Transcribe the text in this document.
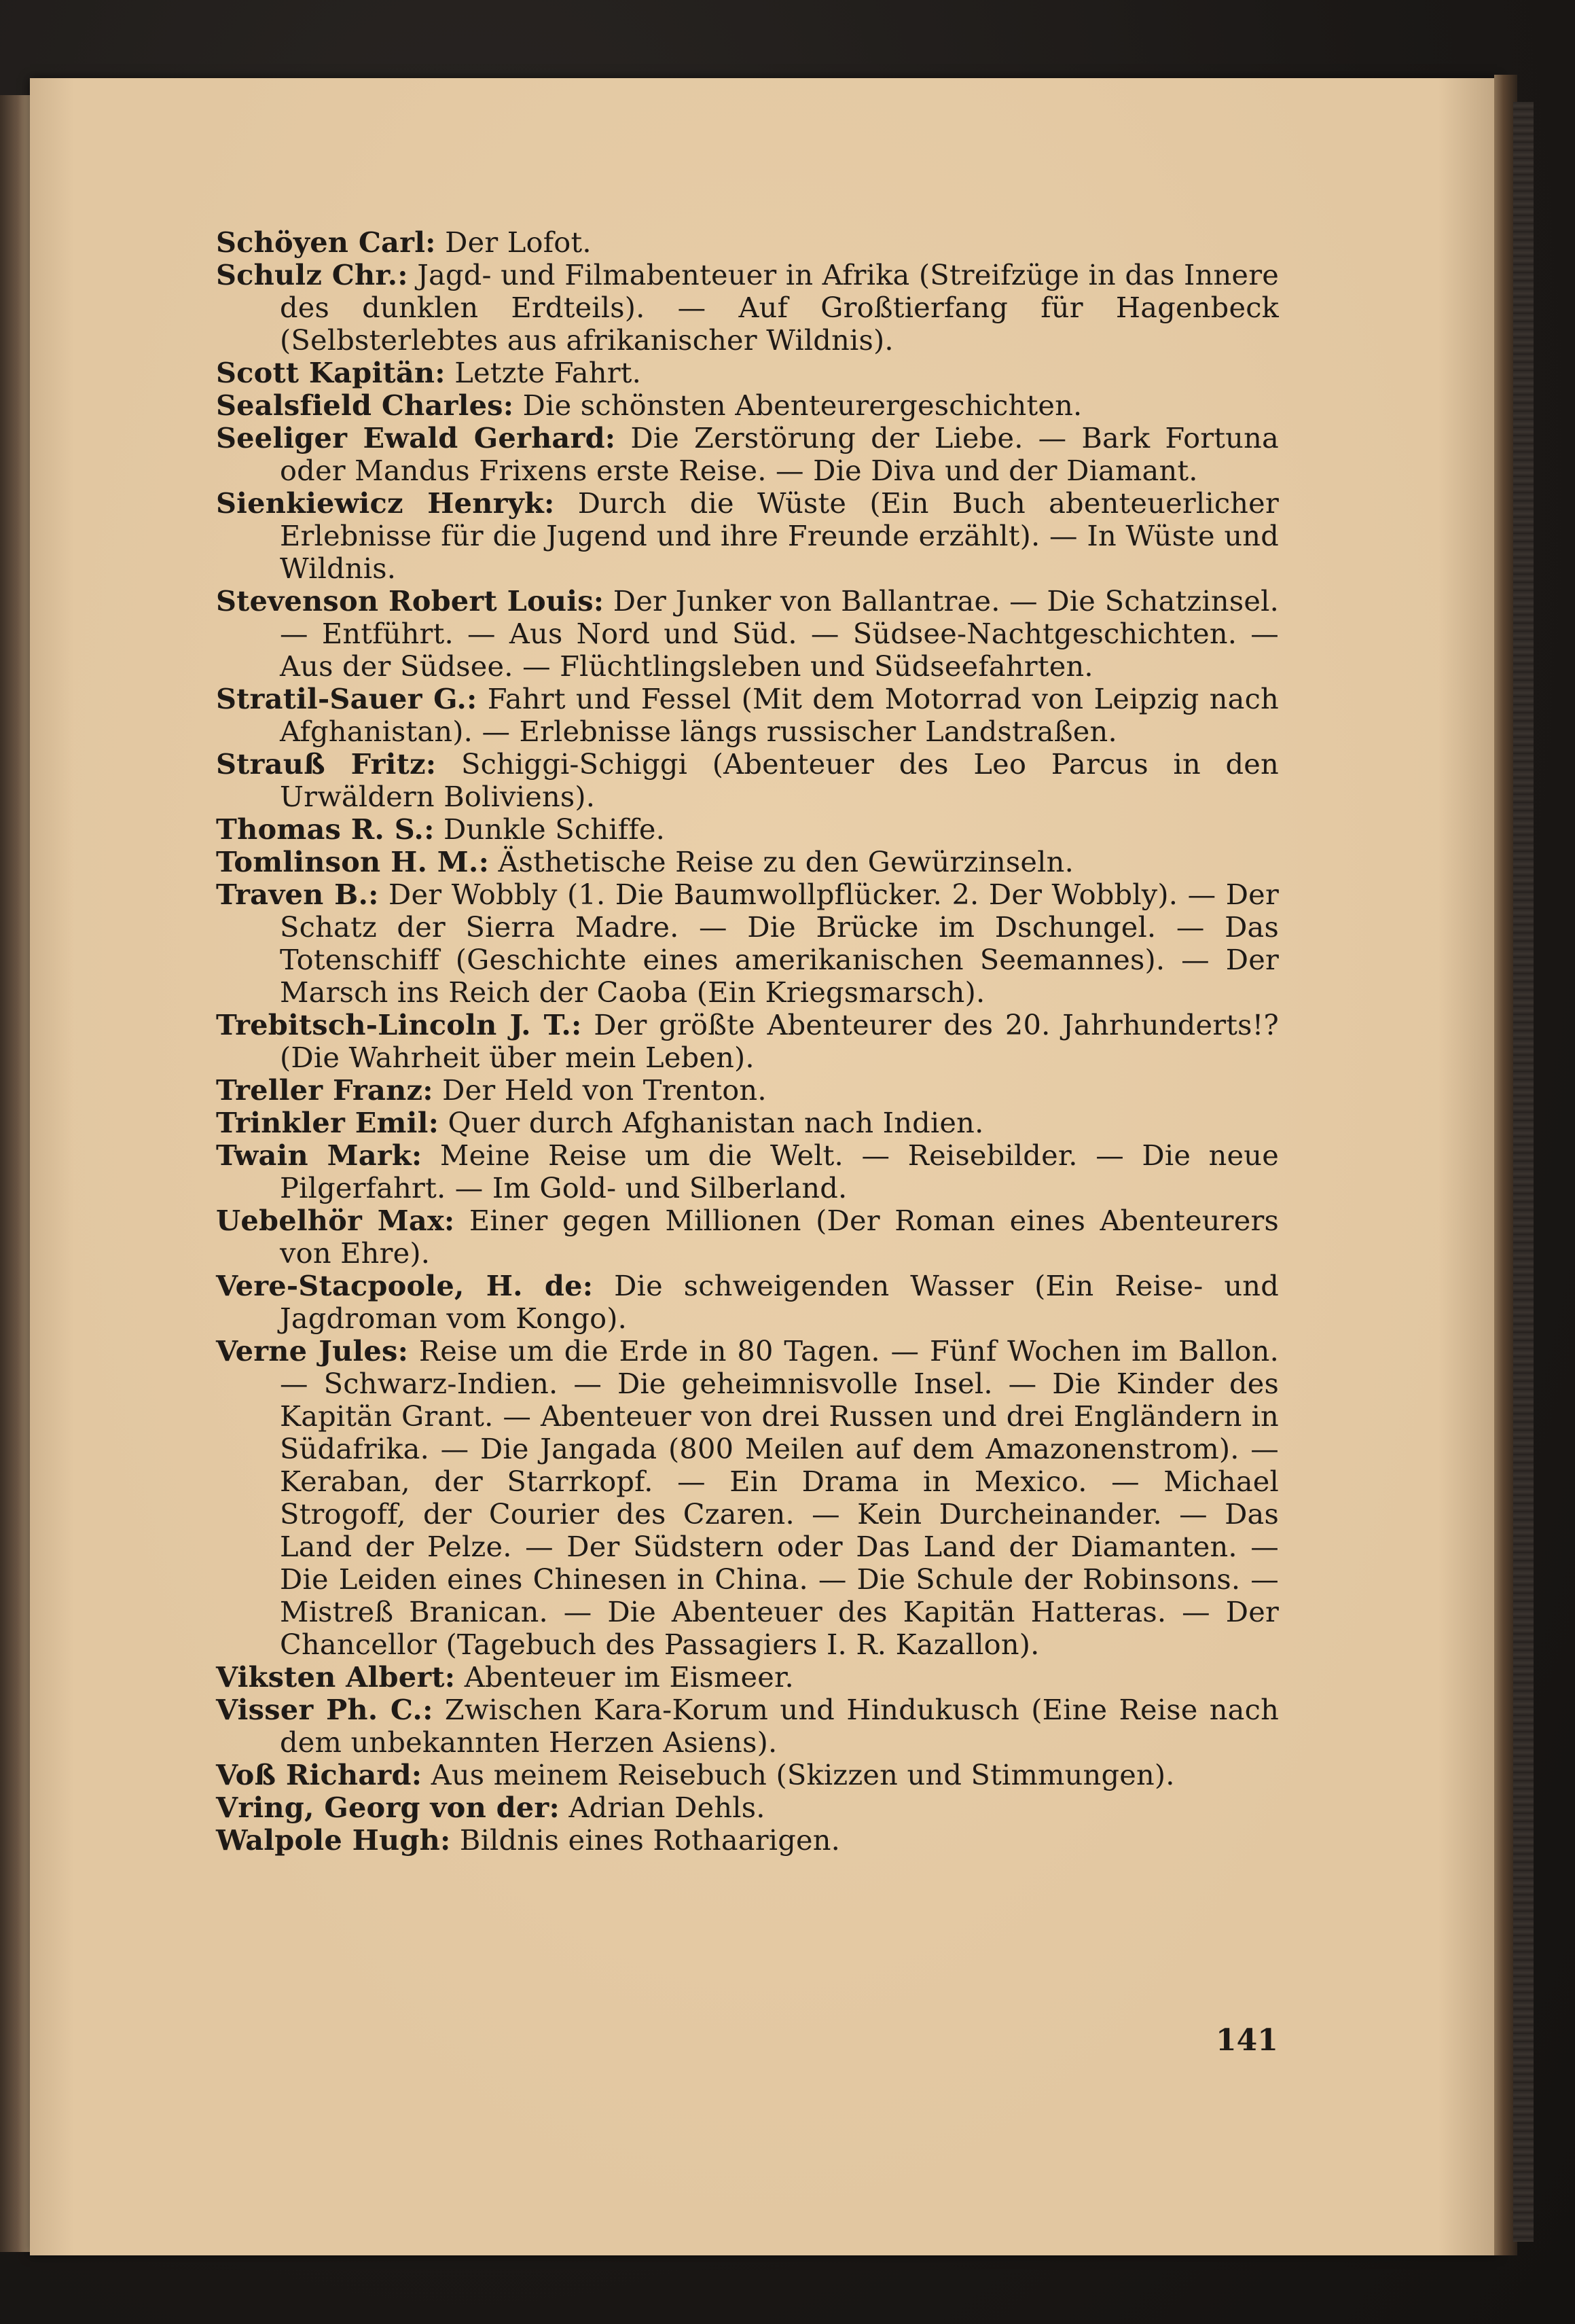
Schöyen Carl: Der Lofot.

Schulz Chr.: Jagd- und Filmabenteuer in Afrika (Streifzüge in das Innere des dunklen Erdteils). — Auf Großtierfang für Hagenbeck (Selbsterlebtes aus afrikanischer Wildnis).

Scott Kapitän: Letzte Fahrt.

Sealsfield Charles: Die schönsten Abenteurergeschichten.

Seeliger Ewald Gerhard: Die Zerstörung der Liebe. — Bark Fortuna oder Mandus Frixens erste Reise. — Die Diva und der Diamant.

Sienkiewicz Henryk: Durch die Wüste (Ein Buch abenteuerlicher Erlebnisse für die Jugend und ihre Freunde erzählt). — In Wüste und Wildnis.

Stevenson Robert Louis: Der Junker von Ballantrae. — Die Schatzinsel. — Entführt. — Aus Nord und Süd. — Südsee-Nachtgeschichten. — Aus der Südsee. — Flüchtlingsleben und Südseefahrten.

Stratil-Sauer G.: Fahrt und Fessel (Mit dem Motorrad von Leipzig nach Afghanistan). — Erlebnisse längs russischer Landstraßen.

Strauß Fritz: Schiggi-Schiggi (Abenteuer des Leo Parcus in den Urwäldern Boliviens).

Thomas R. S.: Dunkle Schiffe.

Tomlinson H. M.: Ästhetische Reise zu den Gewürzinseln.

Traven B.: Der Wobbly (1. Die Baumwollpflücker. 2. Der Wobbly). — Der Schatz der Sierra Madre. — Die Brücke im Dschungel. — Das Totenschiff (Geschichte eines amerikanischen Seemannes). — Der Marsch ins Reich der Caoba (Ein Kriegsmarsch).

Trebitsch-Lincoln J. T.: Der größte Abenteurer des 20. Jahrhunderts!? (Die Wahrheit über mein Leben).

Treller Franz: Der Held von Trenton.

Trinkler Emil: Quer durch Afghanistan nach Indien.

Twain Mark: Meine Reise um die Welt. — Reisebilder. — Die neue Pilgerfahrt. — Im Gold- und Silberland.

Uebelhör Max: Einer gegen Millionen (Der Roman eines Abenteurers von Ehre).

Vere-Stacpoole, H. de: Die schweigenden Wasser (Ein Reise- und Jagdroman vom Kongo).

Verne Jules: Reise um die Erde in 80 Tagen. — Fünf Wochen im Ballon. — Schwarz-Indien. — Die geheimnisvolle Insel. — Die Kinder des Kapitän Grant. — Abenteuer von drei Russen und drei Engländern in Südafrika. — Die Jangada (800 Meilen auf dem Amazonenstrom). — Keraban, der Starrkopf. — Ein Drama in Mexico. — Michael Strogoff, der Courier des Czaren. — Kein Durcheinander. — Das Land der Pelze. — Der Südstern oder Das Land der Diamanten. — Die Leiden eines Chinesen in China. — Die Schule der Robinsons. — Mistreß Branican. — Die Abenteuer des Kapitän Hatteras. — Der Chancellor (Tagebuch des Passagiers I. R. Kazallon).

Viksten Albert: Abenteuer im Eismeer.

Visser Ph. C.: Zwischen Kara-Korum und Hindukusch (Eine Reise nach dem unbekannten Herzen Asiens).

Voß Richard: Aus meinem Reisebuch (Skizzen und Stimmungen).

Vring, Georg von der: Adrian Dehls.

Walpole Hugh: Bildnis eines Rothaarigen.

141
